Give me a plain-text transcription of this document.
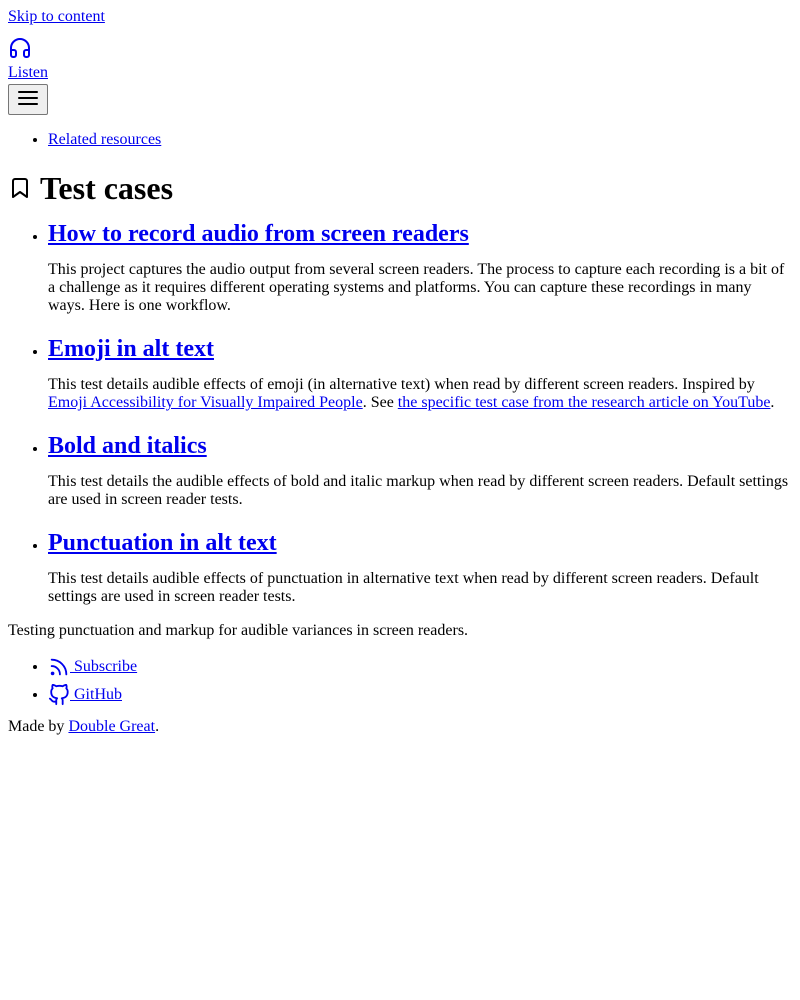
Skip to content
Listen
• Related resources
Test cases
• How to record audio from screen readers

This project captures the audio output from several screen readers. The process to capture each recording is a bit of a challenge as it requires different operating systems and platforms. You can capture these recordings in many ways. Here is one workflow.

• Emoji in alt text

This test details audible effects of emoji (in alternative text) when read by different screen readers. Inspired by Emoji Accessibility for Visually Impaired People. See the specific test case from the research article on YouTube.

• Bold and italics

This test details the audible effects of bold and italic markup when read by different screen readers. Default settings are used in screen reader tests.

• Punctuation in alt text

This test details audible effects of punctuation in alternative text when read by different screen readers. Default settings are used in screen reader tests.

Testing punctuation and markup for audible variances in screen readers.

•  Subscribe
•  GitHub

Made by Double Great.
